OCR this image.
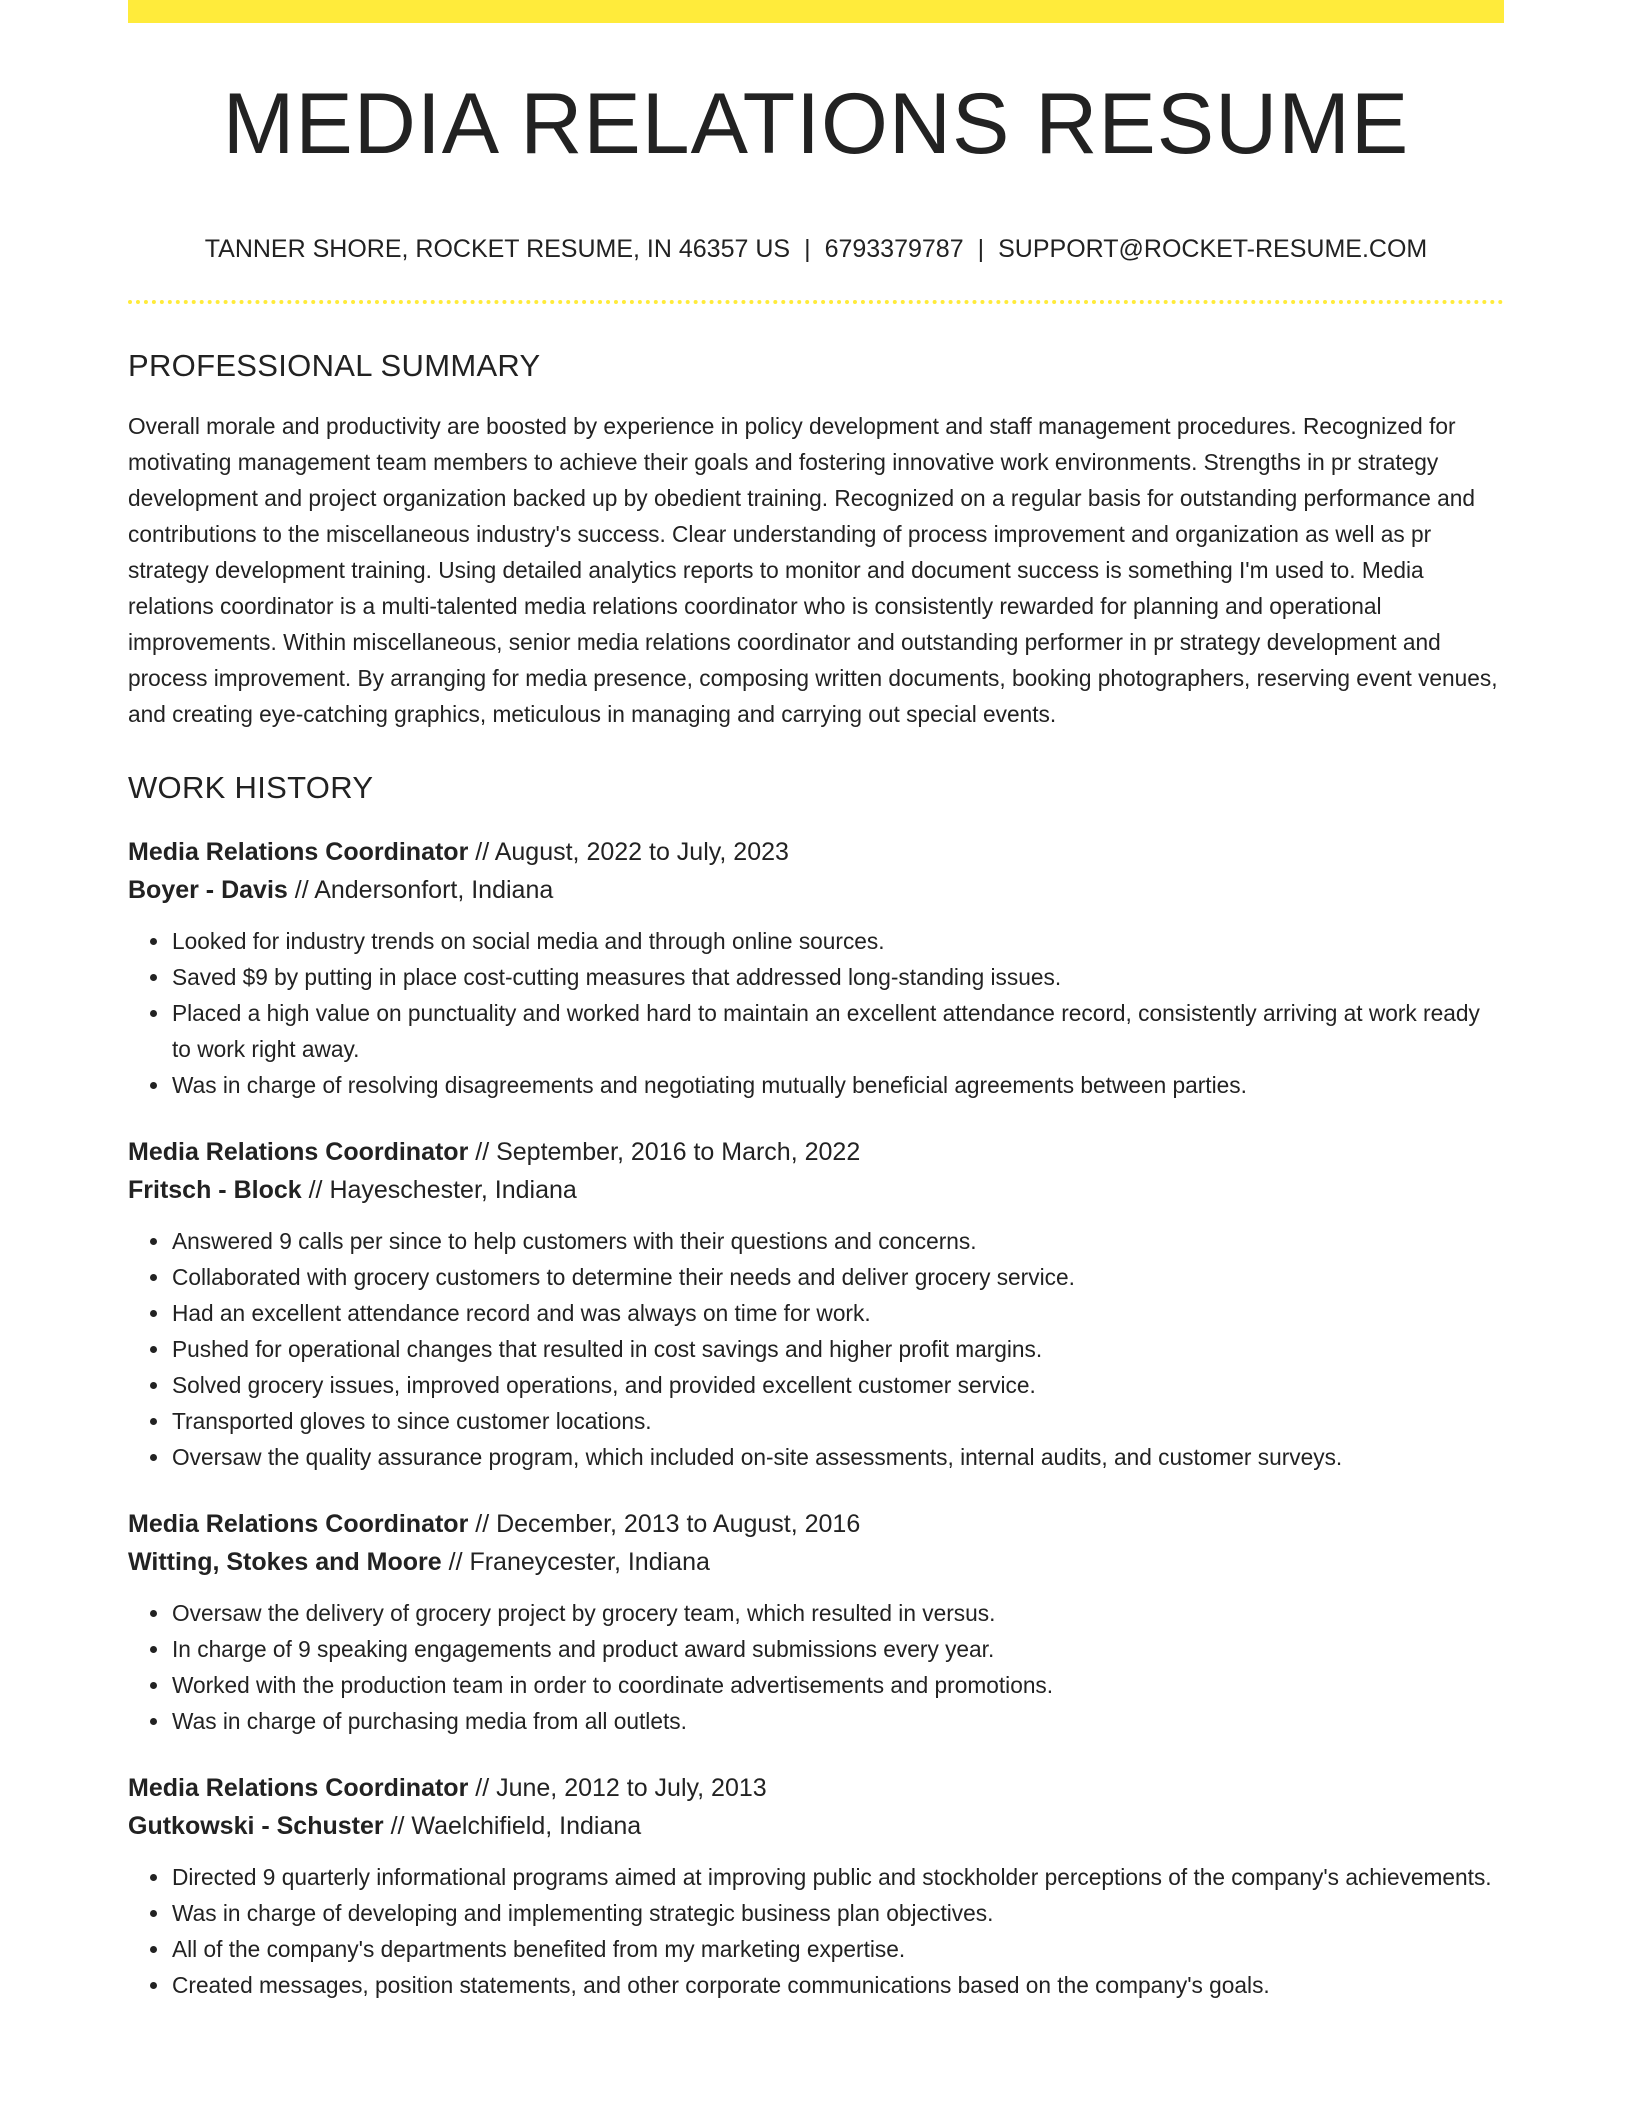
MEDIA RELATIONS RESUME
TANNER SHORE, ROCKET RESUME, IN 46357 US | 6793379787 | SUPPORT@ROCKET-RESUME.COM
PROFESSIONAL SUMMARY
Overall morale and productivity are boosted by experience in policy development and staff management procedures. Recognized for motivating management team members to achieve their goals and fostering innovative work environments. Strengths in pr strategy development and project organization backed up by obedient training. Recognized on a regular basis for outstanding performance and contributions to the miscellaneous industry's success. Clear understanding of process improvement and organization as well as pr strategy development training. Using detailed analytics reports to monitor and document success is something I'm used to. Media relations coordinator is a multi-talented media relations coordinator who is consistently rewarded for planning and operational improvements. Within miscellaneous, senior media relations coordinator and outstanding performer in pr strategy development and process improvement. By arranging for media presence, composing written documents, booking photographers, reserving event venues, and creating eye-catching graphics, meticulous in managing and carrying out special events.
WORK HISTORY
Media Relations Coordinator // August, 2022 to July, 2023
Boyer - Davis // Andersonfort, Indiana
• Looked for industry trends on social media and through online sources.
• Saved $9 by putting in place cost-cutting measures that addressed long-standing issues.
• Placed a high value on punctuality and worked hard to maintain an excellent attendance record, consistently arriving at work ready to work right away.
• Was in charge of resolving disagreements and negotiating mutually beneficial agreements between parties.
Media Relations Coordinator // September, 2016 to March, 2022
Fritsch - Block // Hayeschester, Indiana
• Answered 9 calls per since to help customers with their questions and concerns.
• Collaborated with grocery customers to determine their needs and deliver grocery service.
• Had an excellent attendance record and was always on time for work.
• Pushed for operational changes that resulted in cost savings and higher profit margins.
• Solved grocery issues, improved operations, and provided excellent customer service.
• Transported gloves to since customer locations.
• Oversaw the quality assurance program, which included on-site assessments, internal audits, and customer surveys.
Media Relations Coordinator // December, 2013 to August, 2016
Witting, Stokes and Moore // Franeycester, Indiana
• Oversaw the delivery of grocery project by grocery team, which resulted in versus.
• In charge of 9 speaking engagements and product award submissions every year.
• Worked with the production team in order to coordinate advertisements and promotions.
• Was in charge of purchasing media from all outlets.
Media Relations Coordinator // June, 2012 to July, 2013
Gutkowski - Schuster // Waelchifield, Indiana
• Directed 9 quarterly informational programs aimed at improving public and stockholder perceptions of the company's achievements.
• Was in charge of developing and implementing strategic business plan objectives.
• All of the company's departments benefited from my marketing expertise.
• Created messages, position statements, and other corporate communications based on the company's goals.
